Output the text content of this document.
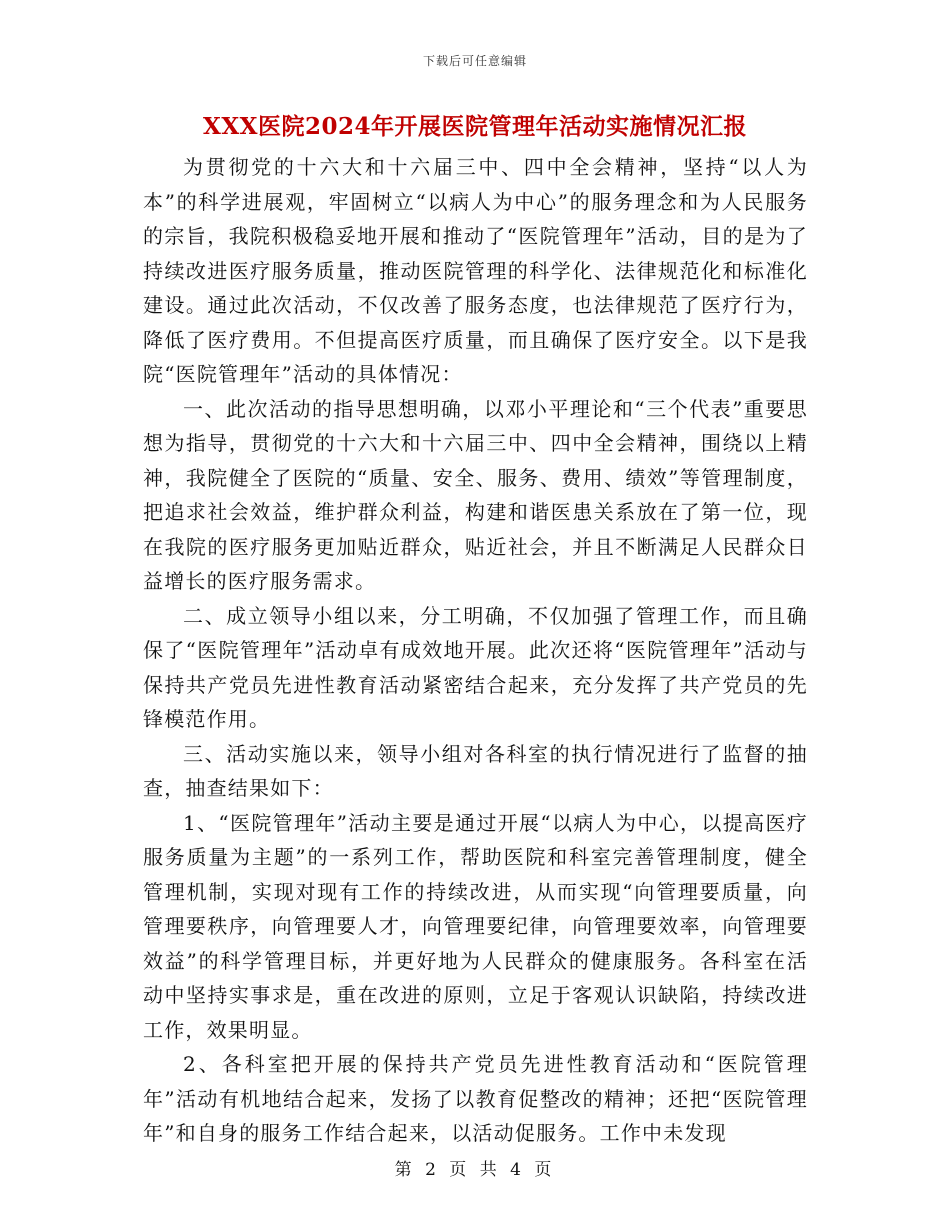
下载后可任意编辑
XXX医院2024年开展医院管理年活动实施情况汇报

为贯彻党的十六大和十六届三中、四中全会精神，坚持“以人为本”的科学进展观，牢固树立“以病人为中心”的服务理念和为人民服务的宗旨，我院积极稳妥地开展和推动了“医院管理年”活动，目的是为了持续改进医疗服务质量，推动医院管理的科学化、法律规范化和标准化建设。通过此次活动，不仅改善了服务态度，也法律规范了医疗行为，降低了医疗费用。不但提高医疗质量，而且确保了医疗安全。以下是我院“医院管理年”活动的具体情况：

一、此次活动的指导思想明确，以邓小平理论和“三个代表”重要思想为指导，贯彻党的十六大和十六届三中、四中全会精神，围绕以上精神，我院健全了医院的“质量、安全、服务、费用、绩效”等管理制度，把追求社会效益，维护群众利益，构建和谐医患关系放在了第一位，现在我院的医疗服务更加贴近群众，贴近社会，并且不断满足人民群众日益增长的医疗服务需求。

二、成立领导小组以来，分工明确，不仅加强了管理工作，而且确保了“医院管理年”活动卓有成效地开展。此次还将“医院管理年”活动与保持共产党员先进性教育活动紧密结合起来，充分发挥了共产党员的先锋模范作用。

三、活动实施以来，领导小组对各科室的执行情况进行了监督的抽查，抽查结果如下：

1、“医院管理年”活动主要是通过开展“以病人为中心，以提高医疗服务质量为主题”的一系列工作，帮助医院和科室完善管理制度，健全管理机制，实现对现有工作的持续改进，从而实现“向管理要质量，向管理要秩序，向管理要人才，向管理要纪律，向管理要效率，向管理要效益”的科学管理目标，并更好地为人民群众的健康服务。各科室在活动中坚持实事求是，重在改进的原则，立足于客观认识缺陷，持续改进工作，效果明显。

2、各科室把开展的保持共产党员先进性教育活动和“医院管理年”活动有机地结合起来，发扬了以教育促整改的精神；还把“医院管理年”和自身的服务工作结合起来，以活动促服务。工作中未发现

第 2 页 共 4 页
